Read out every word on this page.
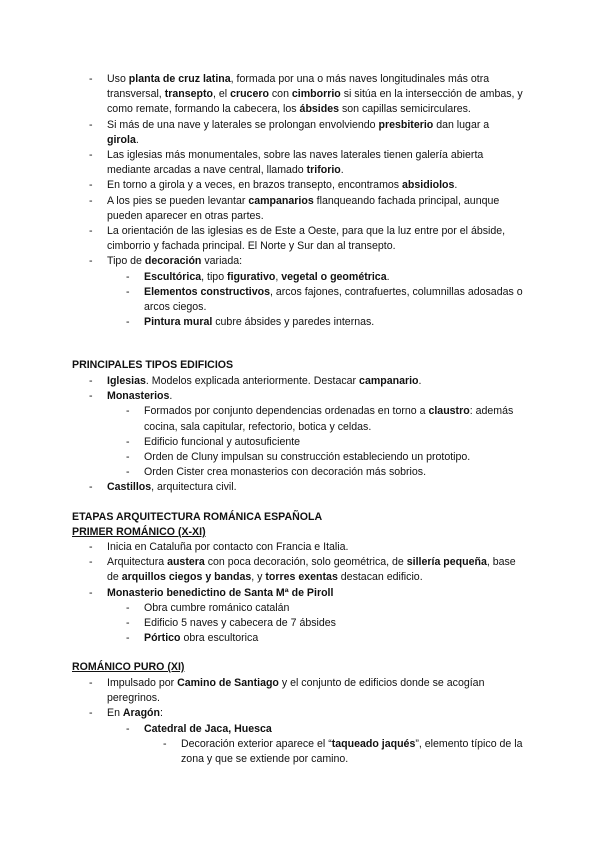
- Uso planta de cruz latina, formada por una o más naves longitudinales más otra transversal, transepto, el crucero con cimborrio si sitúa en la intersección de ambas, y como remate, formando la cabecera, los ábsides son capillas semicirculares.
- Si más de una nave y laterales se prolongan envolviendo presbiterio dan lugar a girola.
- Las iglesias más monumentales, sobre las naves laterales tienen galería abierta mediante arcadas a nave central, llamado triforio.
- En torno a girola y a veces, en brazos transepto, encontramos absidiolos.
- A los pies se pueden levantar campanarios flanqueando fachada principal, aunque pueden aparecer en otras partes.
- La orientación de las iglesias es de Este a Oeste, para que la luz entre por el ábside, cimborrio y fachada principal. El Norte y Sur dan al transepto.
- Tipo de decoración variada:
- Escultórica, tipo figurativo, vegetal o geométrica.
- Elementos constructivos, arcos fajones, contrafuertes, columnillas adosadas o arcos ciegos.
- Pintura mural cubre ábsides y paredes internas.
PRINCIPALES TIPOS EDIFICIOS
- Iglesias. Modelos explicada anteriormente. Destacar campanario.
- Monasterios.
- Formados por conjunto dependencias ordenadas en torno a claustro: además cocina, sala capitular, refectorio, botica y celdas.
- Edificio funcional y autosuficiente
- Orden de Cluny impulsan su construcción estableciendo un prototipo.
- Orden Cister crea monasterios con decoración más sobrios.
- Castillos, arquitectura civil.
ETAPAS ARQUITECTURA ROMÁNICA ESPAÑOLA
PRIMER ROMÁNICO (X-XI)
- Inicia en Cataluña por contacto con Francia e Italia.
- Arquitectura austera con poca decoración, solo geométrica, de sillería pequeña, base de arquillos ciegos y bandas, y torres exentas destacan edificio.
- Monasterio benedictino de Santa Mª de Piroll
- Obra cumbre románico catalán
- Edificio 5 naves y cabecera de 7 ábsides
- Pórtico obra escultorica
ROMÁNICO PURO (XI)
- Impulsado por Camino de Santiago y el conjunto de edificios donde se acogían peregrinos.
- En Aragón:
- Catedral de Jaca, Huesca
- Decoración exterior aparece el “taqueado jaqués”, elemento típico de la zona y que se extiende por camino.
